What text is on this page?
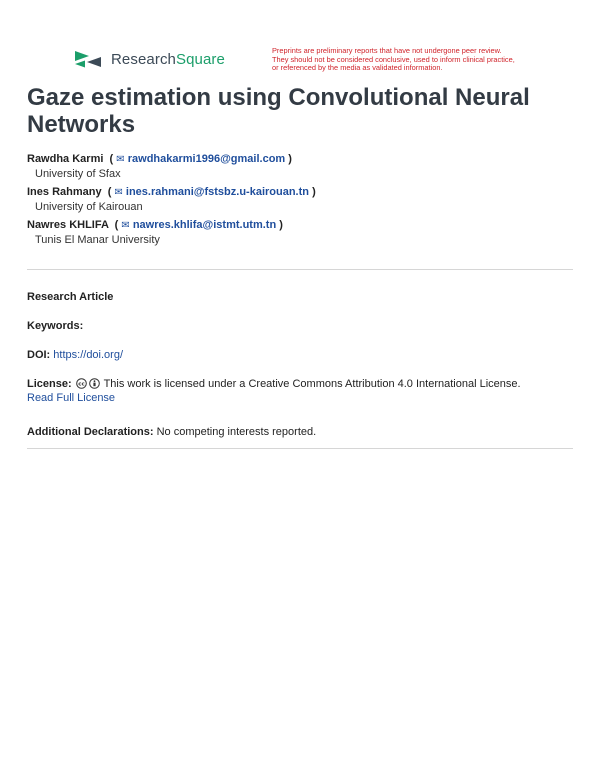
ResearchSquare	Preprints are preliminary reports that have not undergone peer review.
They should not be considered conclusive, used to inform clinical practice,
or referenced by the media as validated information.
Gaze estimation using Convolutional Neural Networks
Rawdha Karmi  ( ✉ rawdhakarmi1996@gmail.com )
University of Sfax
Ines Rahmany  ( ✉ ines.rahmani@fstsbz.u-kairouan.tn )
University of Kairouan
Nawres KHLIFA  ( ✉ nawres.khlifa@istmt.utm.tn )
Tunis El Manar University
Research Article
Keywords:
DOI: https://doi.org/
License: cc This work is licensed under a Creative Commons Attribution 4.0 International License.
Read Full License
Additional Declarations: No competing interests reported.
